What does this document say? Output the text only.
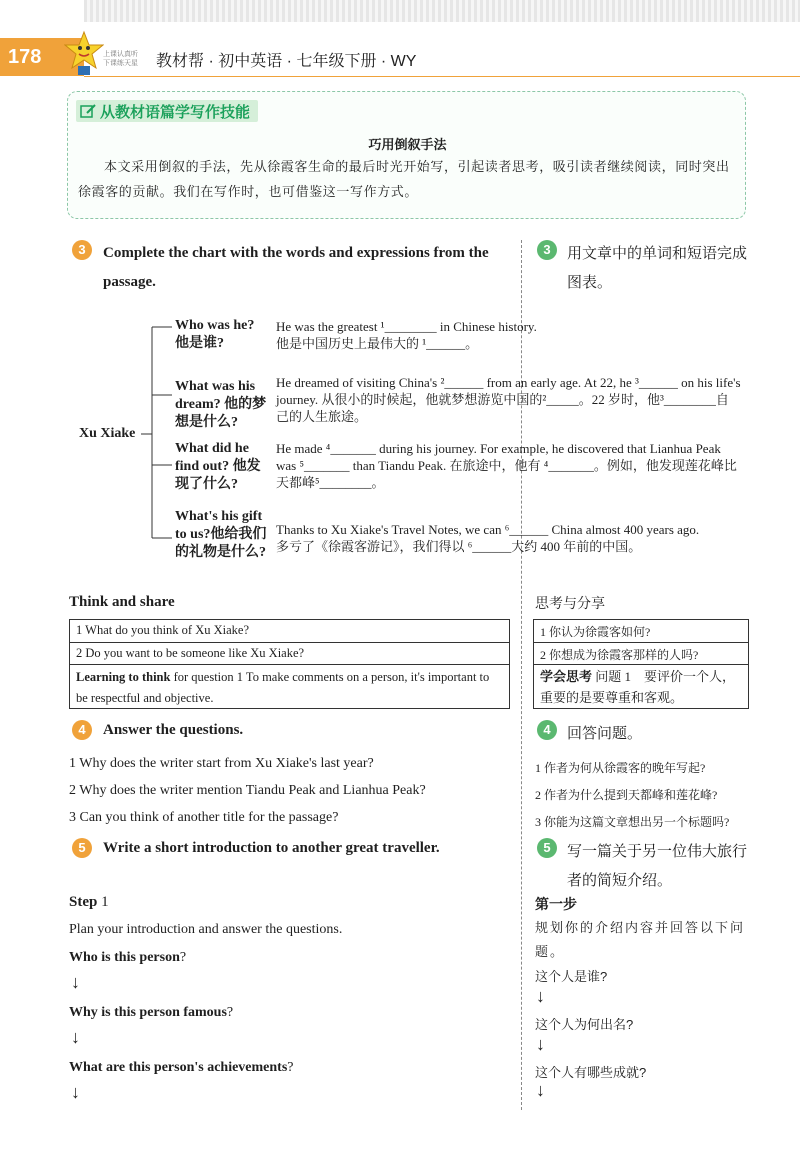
178	上课认真听
下课练天星 教材帮 · 初中英语 · 七年级下册 · WY
从教材语篇学写作技能
巧用倒叙手法
本文采用倒叙的手法，先从徐霞客生命的最后时光开始写，引起读者思考，吸引读者继续阅读，同时突出徐霞客的贡献。我们在写作时，也可借鉴这一写作方式。
3	Complete the chart with the words and expressions from the passage.
3	用文章中的单词和短语完成图表。
Xu Xiake
Who was he? 他是谁?
He was the greatest ¹________ in Chinese history.
他是中国历史上最伟大的 ¹______。
What was his dream? 他的梦想是什么?
He dreamed of visiting China's ²______ from an early age. At 22, he ³______ on his life's journey. 从很小的时候起，他就梦想游览中国的²_____。22 岁时，他³________自己的人生旅途。
What did he find out? 他发现了什么?
He made ⁴_______ during his journey. For example, he discovered that Lianhua Peak was ⁵_______ than Tiandu Peak. 在旅途中，他有 ⁴_______。例如，他发现莲花峰比天都峰⁵________。
What's his gift to us?他给我们的礼物是什么?
Thanks to Xu Xiake's Travel Notes, we can ⁶______ China almost 400 years ago.
多亏了《徐霞客游记》，我们得以 ⁶______大约 400 年前的中国。
Think and share
1 What do you think of Xu Xiake?
2 Do you want to be someone like Xu Xiake?
Learning to think for question 1 To make comments on a person, it's important to be respectful and objective.
思考与分享
1 你认为徐霞客如何?
2 你想成为徐霞客那样的人吗?
学会思考 问题 1　要评价一个人，重要的是要尊重和客观。
4	Answer the questions.
1 Why does the writer start from Xu Xiake's last year?
2 Why does the writer mention Tiandu Peak and Lianhua Peak?
3 Can you think of another title for the passage?
4	回答问题。
1 作者为何从徐霞客的晚年写起?
2 作者为什么提到天都峰和莲花峰?
3 你能为这篇文章想出另一个标题吗?
5	Write a short introduction to another great traveller.	5	写一篇关于另一位伟大旅行者的简短介绍。
Step 1
Plan your introduction and answer the questions.
Who is this person?
↓
Why is this person famous?
↓
What are this person's achievements?
↓
第一步
规划你的介绍内容并回答以下问题。
这个人是谁?
↓
这个人为何出名?
↓
这个人有哪些成就?
↓
